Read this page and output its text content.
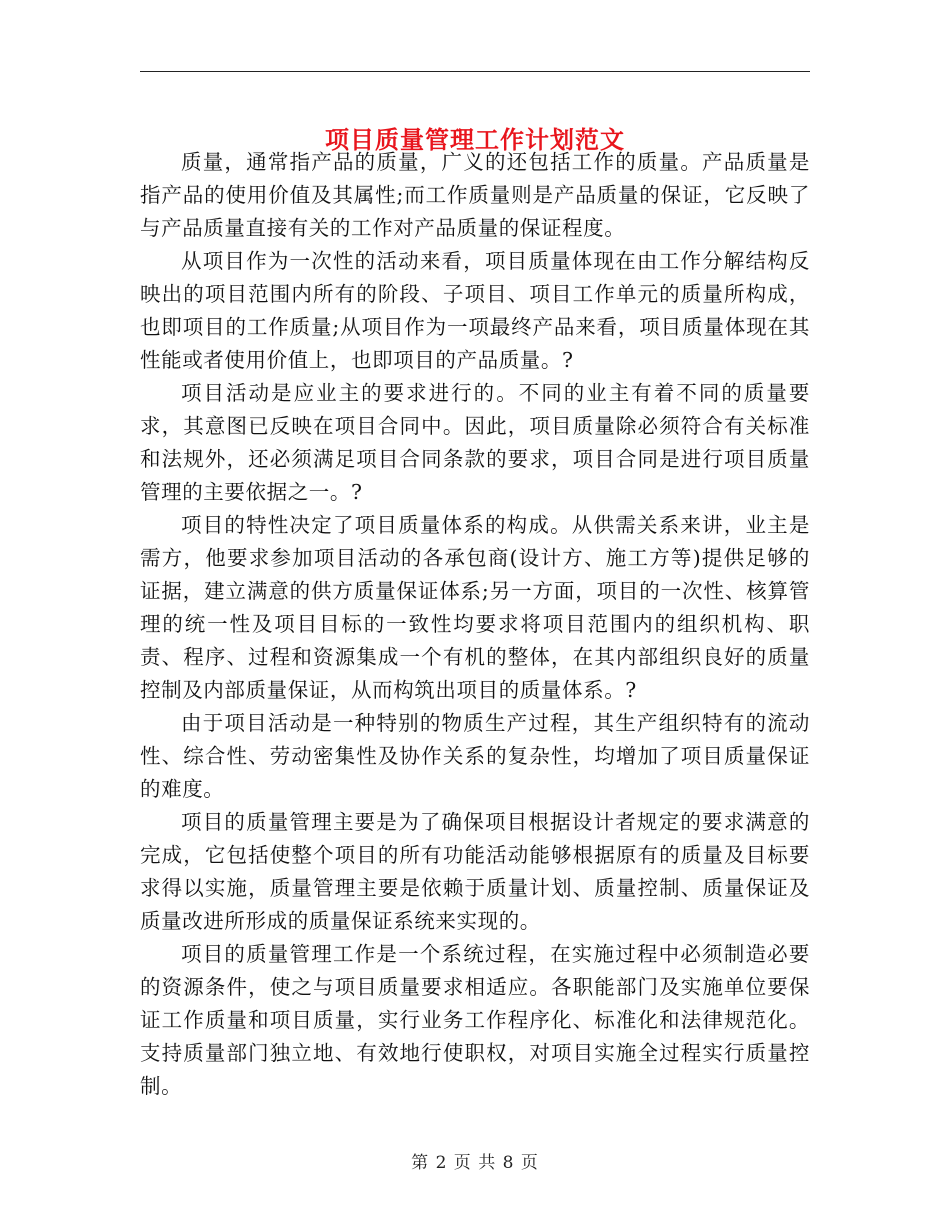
项目质量管理工作计划范文

质量，通常指产品的质量，广义的还包括工作的质量。产品质量是指产品的使用价值及其属性;而工作质量则是产品质量的保证，它反映了与产品质量直接有关的工作对产品质量的保证程度。

从项目作为一次性的活动来看，项目质量体现在由工作分解结构反映出的项目范围内所有的阶段、子项目、项目工作单元的质量所构成，也即项目的工作质量;从项目作为一项最终产品来看，项目质量体现在其性能或者使用价值上，也即项目的产品质量。?

项目活动是应业主的要求进行的。不同的业主有着不同的质量要求，其意图已反映在项目合同中。因此，项目质量除必须符合有关标准和法规外，还必须满足项目合同条款的要求，项目合同是进行项目质量管理的主要依据之一。?

项目的特性决定了项目质量体系的构成。从供需关系来讲，业主是需方，他要求参加项目活动的各承包商(设计方、施工方等)提供足够的证据，建立满意的供方质量保证体系;另一方面，项目的一次性、核算管理的统一性及项目目标的一致性均要求将项目范围内的组织机构、职责、程序、过程和资源集成一个有机的整体，在其内部组织良好的质量控制及内部质量保证，从而构筑出项目的质量体系。?

由于项目活动是一种特别的物质生产过程，其生产组织特有的流动性、综合性、劳动密集性及协作关系的复杂性，均增加了项目质量保证的难度。

项目的质量管理主要是为了确保项目根据设计者规定的要求满意的完成，它包括使整个项目的所有功能活动能够根据原有的质量及目标要求得以实施，质量管理主要是依赖于质量计划、质量控制、质量保证及质量改进所形成的质量保证系统来实现的。

项目的质量管理工作是一个系统过程，在实施过程中必须制造必要的资源条件，使之与项目质量要求相适应。各职能部门及实施单位要保证工作质量和项目质量，实行业务工作程序化、标准化和法律规范化。支持质量部门独立地、有效地行使职权，对项目实施全过程实行质量控制。

第 2 页 共 8 页
